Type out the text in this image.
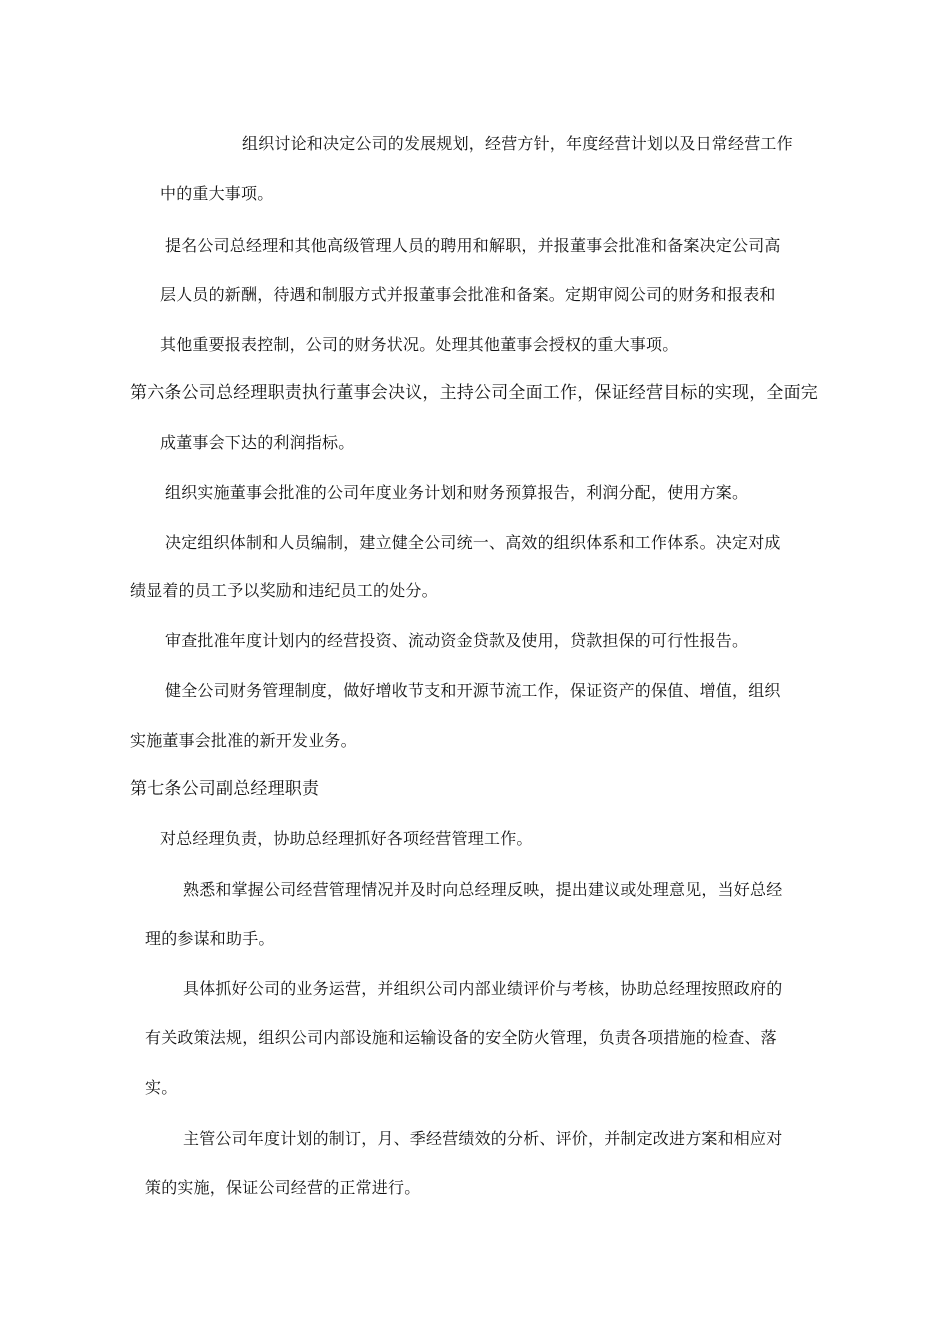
组织讨论和决定公司的发展规划，经营方针，年度经营计划以及日常经营工作

中的重大事项。

提名公司总经理和其他高级管理人员的聘用和解职，并报董事会批准和备案决定公司高

层人员的新酬，待遇和制服方式并报董事会批准和备案。定期审阅公司的财务和报表和

其他重要报表控制，公司的财务状况。处理其他董事会授权的重大事项。

第六条公司总经理职责执行董事会决议，主持公司全面工作，保证经营目标的实现，全面完

成董事会下达的利润指标。

组织实施董事会批准的公司年度业务计划和财务预算报告，利润分配，使用方案。

决定组织体制和人员编制，建立健全公司统一、高效的组织体系和工作体系。决定对成

绩显着的员工予以奖励和违纪员工的处分。

审查批准年度计划内的经营投资、流动资金贷款及使用，贷款担保的可行性报告。

健全公司财务管理制度，做好增收节支和开源节流工作，保证资产的保值、增值，组织

实施董事会批准的新开发业务。

第七条公司副总经理职责

对总经理负责，协助总经理抓好各项经营管理工作。

熟悉和掌握公司经营管理情况并及时向总经理反映，提出建议或处理意见，当好总经

理的参谋和助手。

具体抓好公司的业务运营，并组织公司内部业绩评价与考核，协助总经理按照政府的

有关政策法规，组织公司内部设施和运输设备的安全防火管理，负责各项措施的检查、落

实。

主管公司年度计划的制订，月、季经营绩效的分析、评价，并制定改进方案和相应对

策的实施，保证公司经营的正常进行。
